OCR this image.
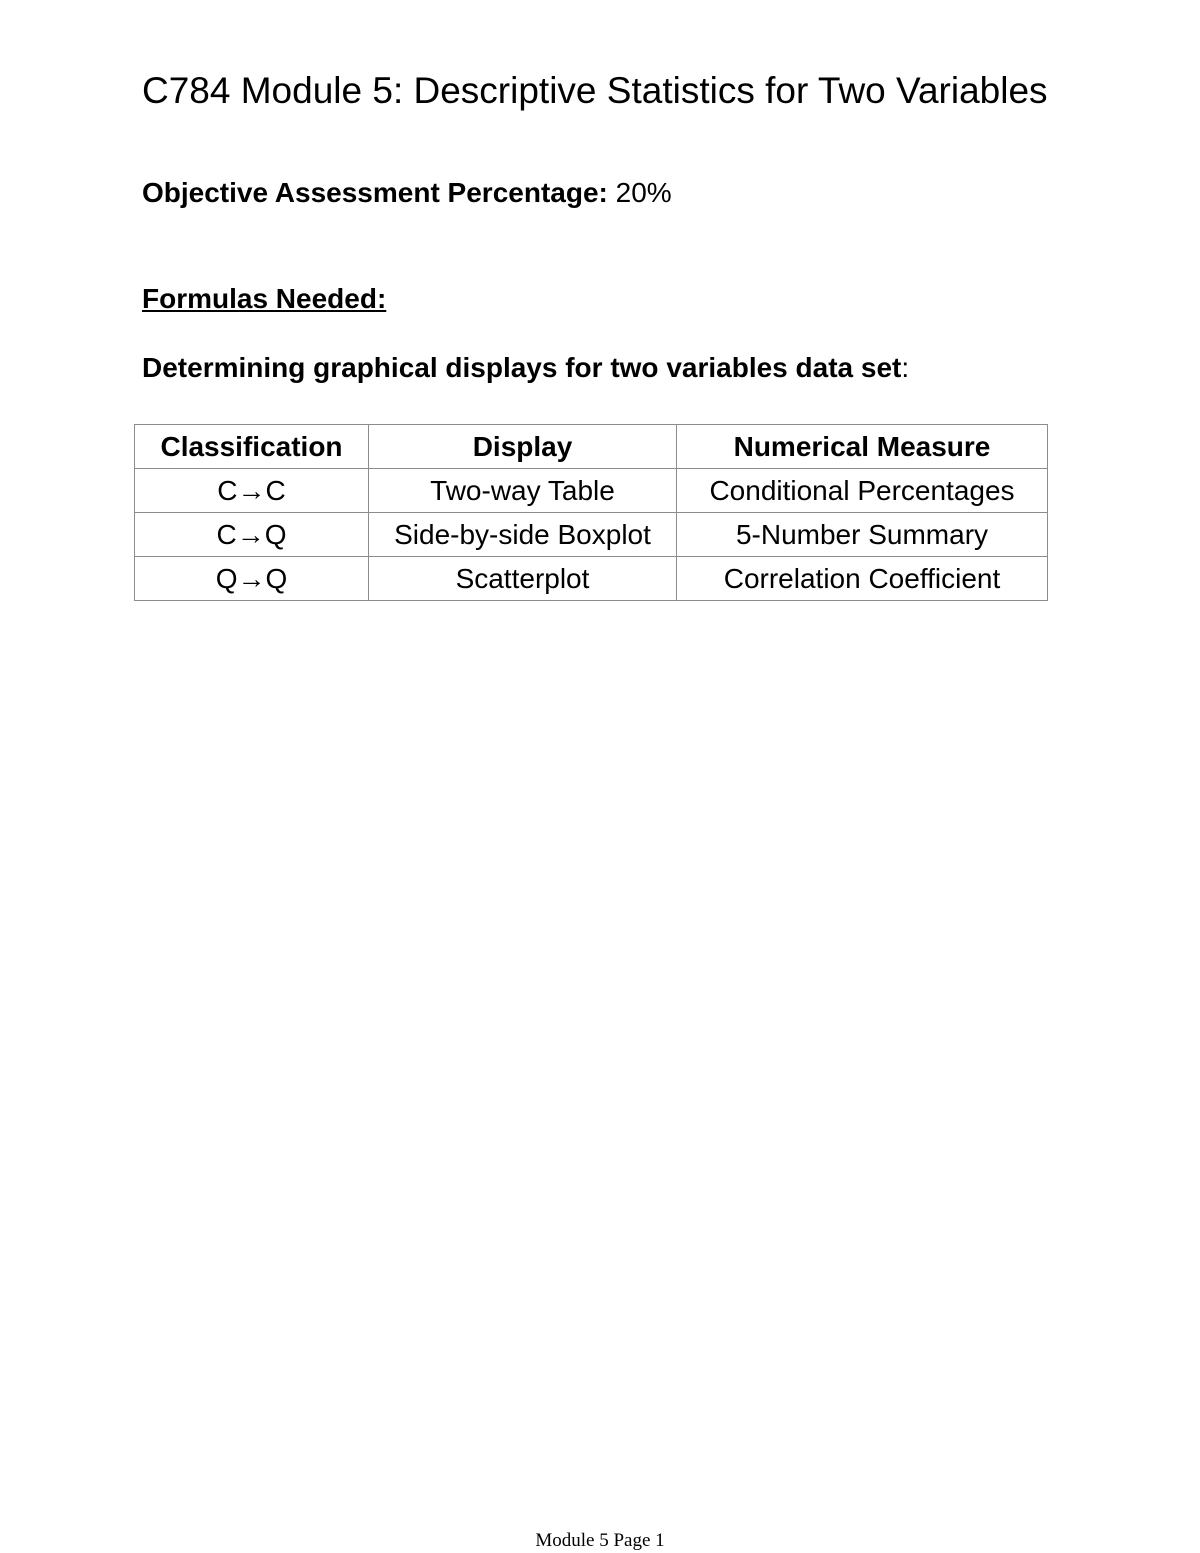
C784 Module 5: Descriptive Statistics for Two Variables
Objective Assessment Percentage: 20%
Formulas Needed:
Determining graphical displays for two variables data set:
Classification	Display	Numerical Measure
C→C	Two-way Table	Conditional Percentages
C→Q	Side-by-side Boxplot	5-Number Summary
Q→Q	Scatterplot	Correlation Coefficient
Module 5 Page 1
